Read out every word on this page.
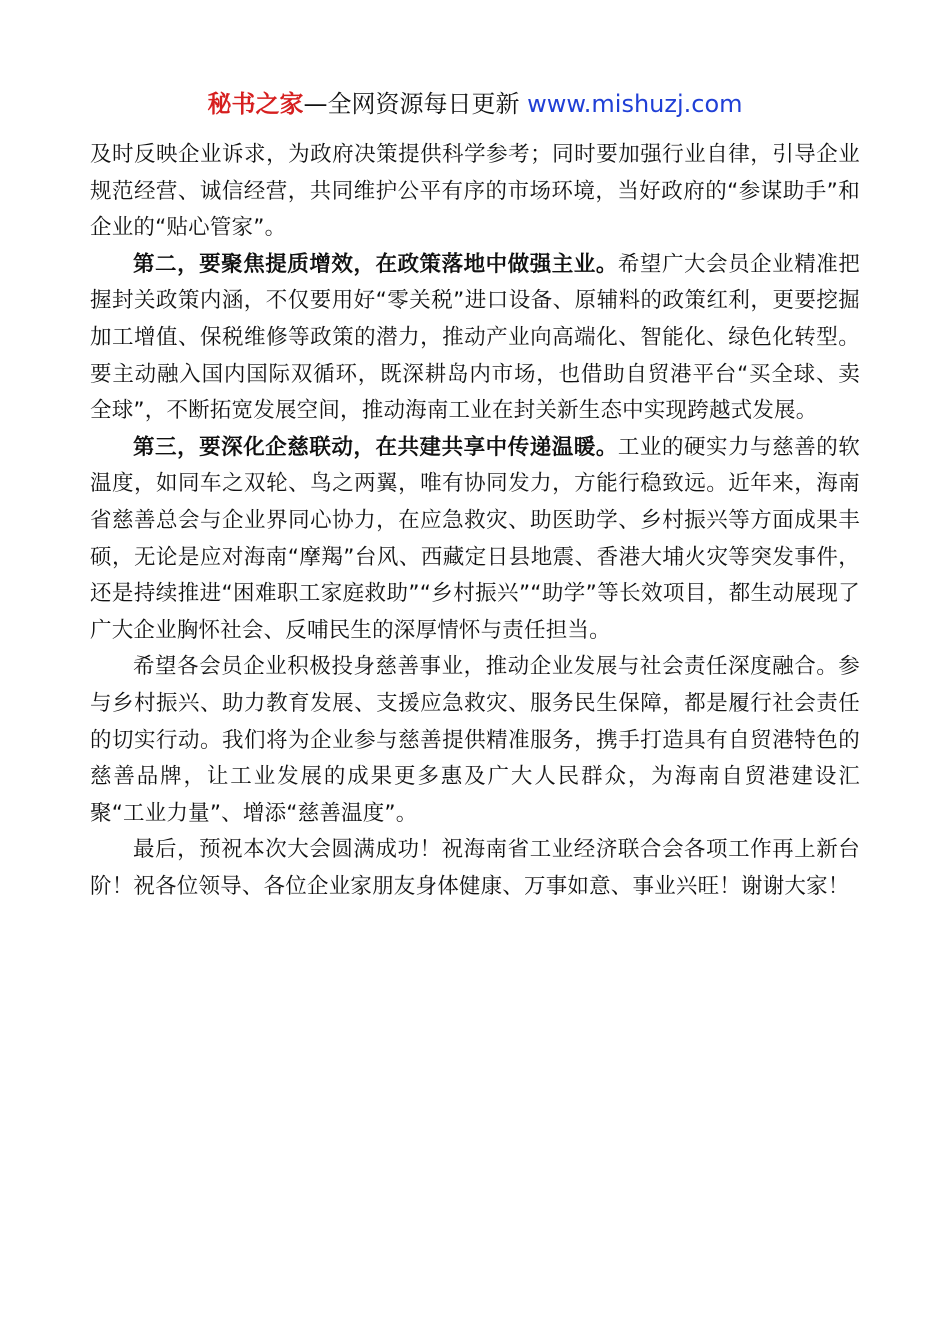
秘书之家—全网资源每日更新 www.mishuzj.com

及时反映企业诉求，为政府决策提供科学参考；同时要加强行业自律，引导企业规范经营、诚信经营，共同维护公平有序的市场环境，当好政府的“参谋助手”和企业的“贴心管家”。

第二，要聚焦提质增效，在政策落地中做强主业。希望广大会员企业精准把握封关政策内涵，不仅要用好“零关税”进口设备、原辅料的政策红利，更要挖掘加工增值、保税维修等政策的潜力，推动产业向高端化、智能化、绿色化转型。要主动融入国内国际双循环，既深耕岛内市场，也借助自贸港平台“买全球、卖全球”，不断拓宽发展空间，推动海南工业在封关新生态中实现跨越式发展。

第三，要深化企慈联动，在共建共享中传递温暖。工业的硬实力与慈善的软温度，如同车之双轮、鸟之两翼，唯有协同发力，方能行稳致远。近年来，海南省慈善总会与企业界同心协力，在应急救灾、助医助学、乡村振兴等方面成果丰硕，无论是应对海南“摩羯”台风、西藏定日县地震、香港大埔火灾等突发事件，还是持续推进“困难职工家庭救助”“乡村振兴”“助学”等长效项目，都生动展现了广大企业胸怀社会、反哺民生的深厚情怀与责任担当。

希望各会员企业积极投身慈善事业，推动企业发展与社会责任深度融合。参与乡村振兴、助力教育发展、支援应急救灾、服务民生保障，都是履行社会责任的切实行动。我们将为企业参与慈善提供精准服务，携手打造具有自贸港特色的慈善品牌，让工业发展的成果更多惠及广大人民群众，为海南自贸港建设汇聚“工业力量”、增添“慈善温度”。

最后，预祝本次大会圆满成功！祝海南省工业经济联合会各项工作再上新台阶！祝各位领导、各位企业家朋友身体健康、万事如意、事业兴旺！谢谢大家！
